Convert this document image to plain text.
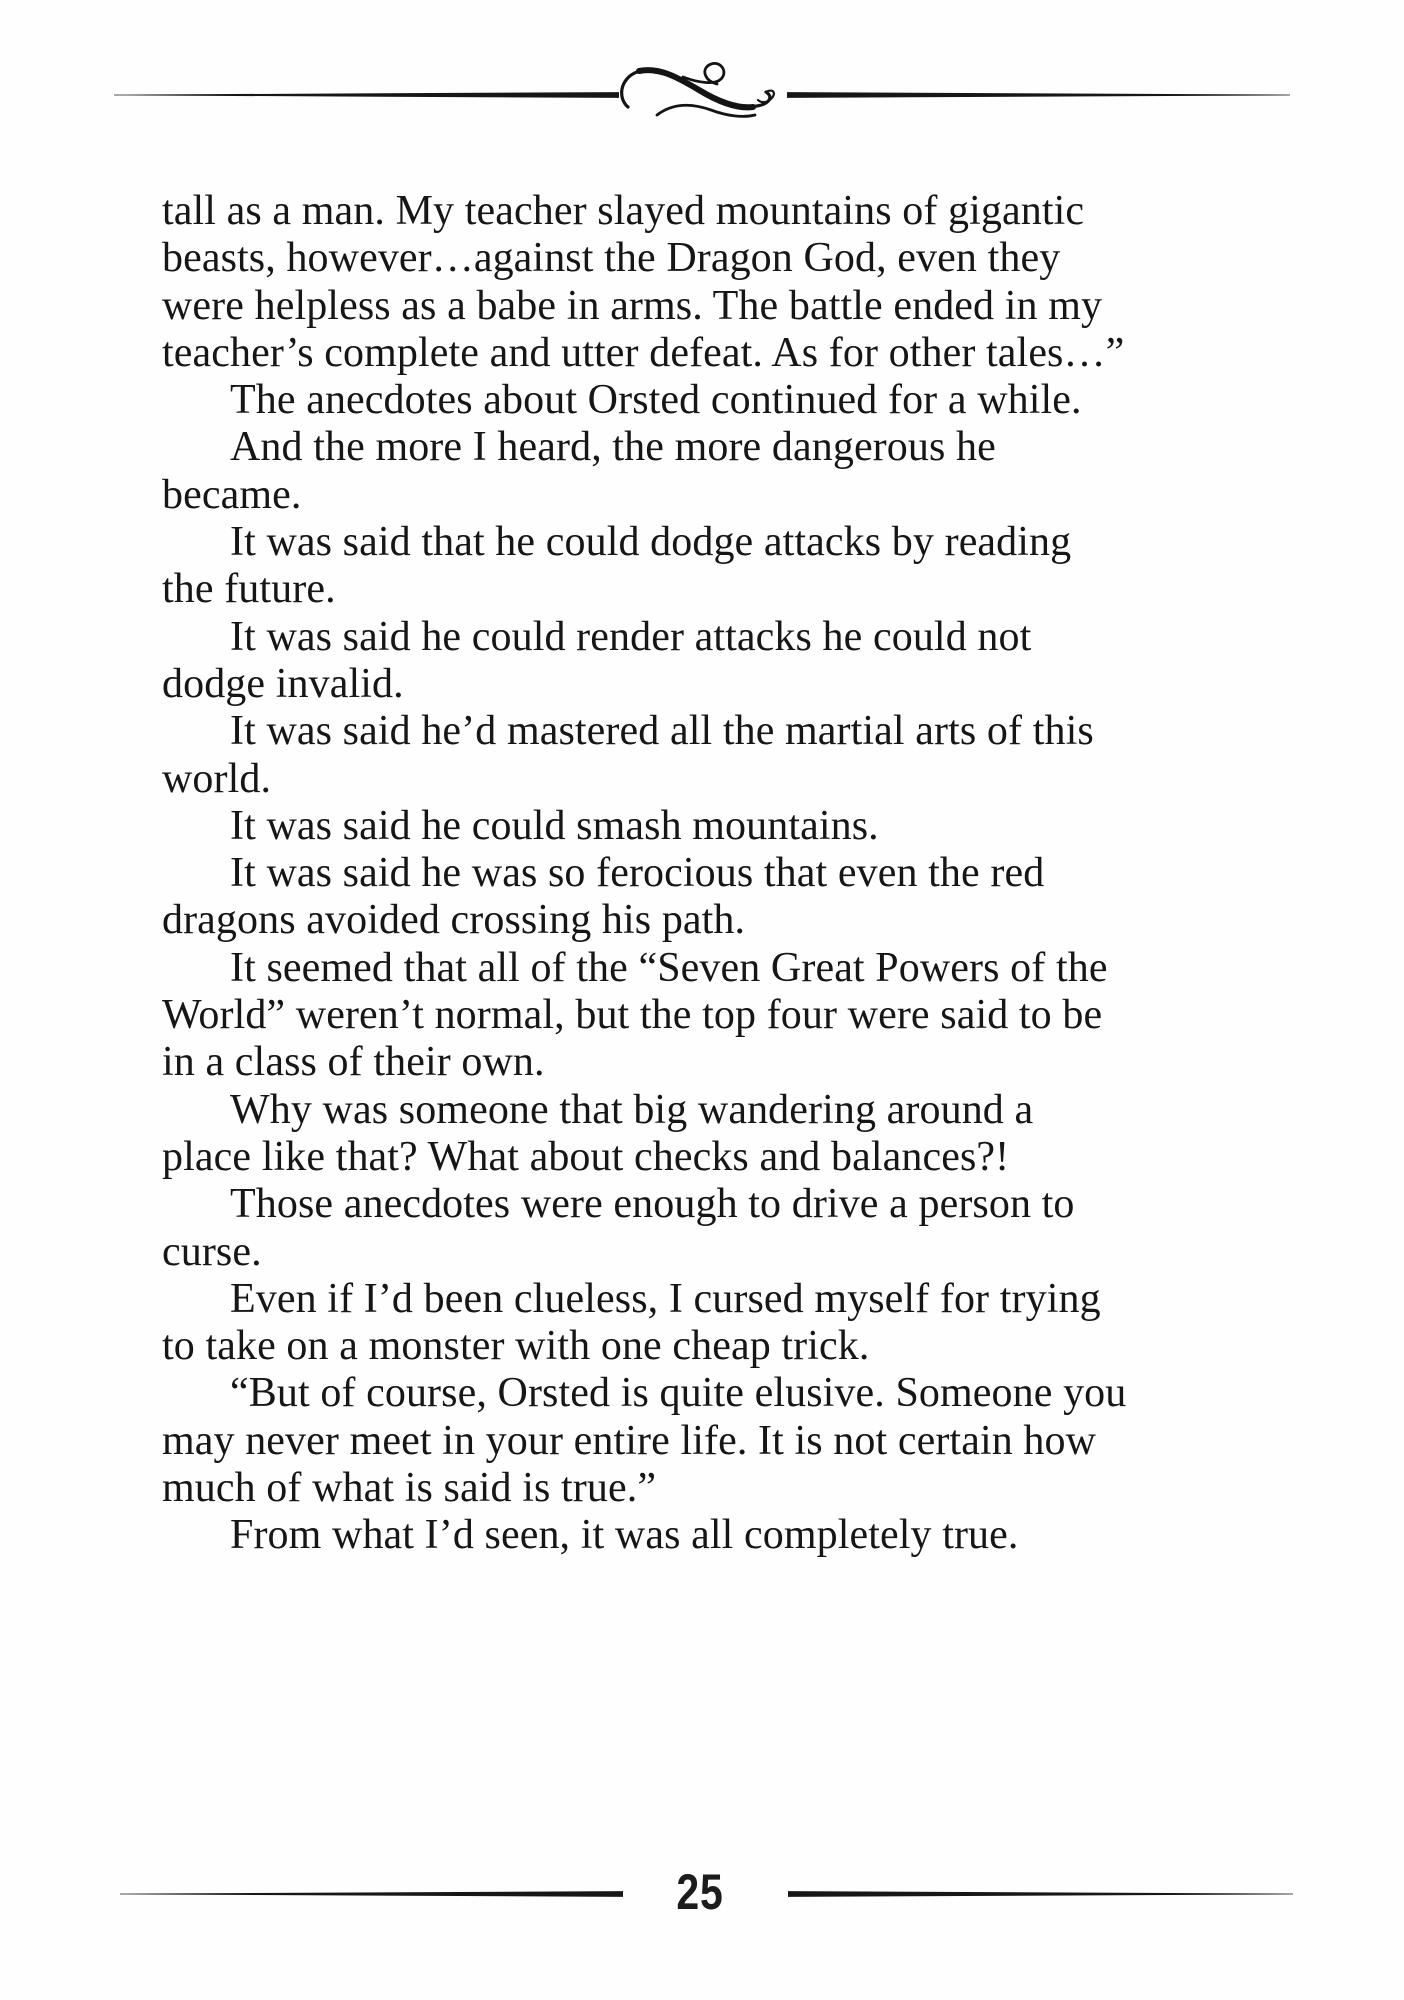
tall as a man. My teacher slayed mountains of gigantic
beasts, however…against the Dragon God, even they
were helpless as a babe in arms. The battle ended in my
teacher’s complete and utter defeat. As for other tales…”
The anecdotes about Orsted continued for a while.
And the more I heard, the more dangerous he
became.
It was said that he could dodge attacks by reading
the future.
It was said he could render attacks he could not
dodge invalid.
It was said he’d mastered all the martial arts of this
world.
It was said he could smash mountains.
It was said he was so ferocious that even the red
dragons avoided crossing his path.
It seemed that all of the “Seven Great Powers of the
World” weren’t normal, but the top four were said to be
in a class of their own.
Why was someone that big wandering around a
place like that? What about checks and balances?!
Those anecdotes were enough to drive a person to
curse.
Even if I’d been clueless, I cursed myself for trying
to take on a monster with one cheap trick.
“But of course, Orsted is quite elusive. Someone you
may never meet in your entire life. It is not certain how
much of what is said is true.”
From what I’d seen, it was all completely true.
25
